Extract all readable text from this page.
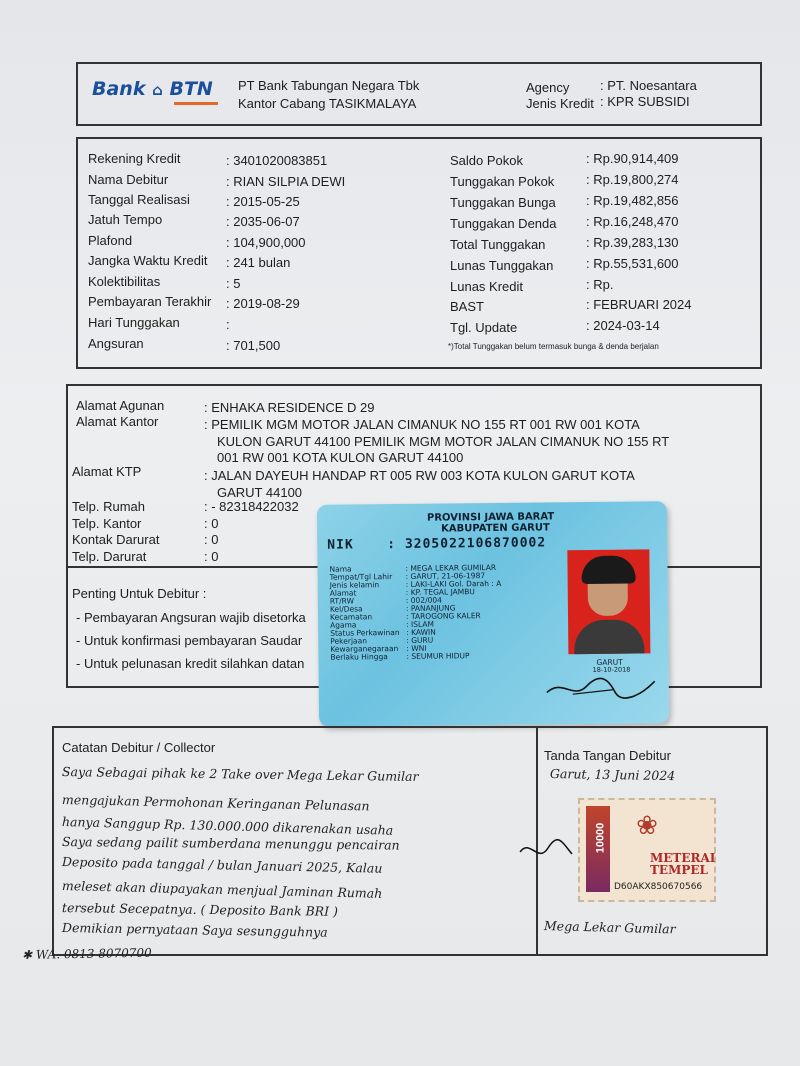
Bank ⌂ BTN PT Bank Tabungan Negara Tbk
Kantor Cabang TASIKMALAYA
Agency : PT. Noesantara
Jenis Kredit : KPR SUBSIDI
Rekening Kredit	: 3401020083851
Nama Debitur	: RIAN SILPIA DEWI
Tanggal Realisasi	: 2015-05-25
Jatuh Tempo	: 2035-06-07
Plafond	: 104,900,000
Jangka Waktu Kredit : 241 bulan
Kolektibilitas	: 5
Pembayaran Terakhir : 2019-08-29
Hari Tunggakan	:
Angsuran	: 701,500
Saldo Pokok	: Rp.90,914,409
Tunggakan Pokok : Rp.19,800,274
Tunggakan Bunga : Rp.19,482,856
Tunggakan Denda : Rp.16,248,470
Total Tunggakan	: Rp.39,283,130
Lunas Tunggakan	: Rp.55,531,600
Lunas Kredit	: Rp.
BAST	: FEBRUARI 2024
Tgl. Update	: 2024-03-14
*)Total Tunggakan belum termasuk bunga & denda berjalan
Alamat Agunan	: ENHAKA RESIDENCE D 29
Alamat Kantor	: PEMILIK MGM MOTOR JALAN CIMANUK NO 155 RT 001 RW 001 KOTA
KULON GARUT 44100 PEMILIK MGM MOTOR JALAN CIMANUK NO 155 RT
001 RW 001 KOTA KULON GARUT 44100
Alamat KTP	: JALAN DAYEUH HANDAP RT 005 RW 003 KOTA KULON GARUT KOTA
GARUT 44100
Telp. Rumah	: - 82318422032
Telp. Kantor	: 0
Kontak Darurat	: 0
Telp. Darurat	: 0
Penting Untuk Debitur :
- Pembayaran Angsuran wajib disetorka
- Untuk konfirmasi pembayaran Saudar
- Untuk pelunasan kredit silahkan datan
PROVINSI JAWA BARAT
KABUPATEN GARUT
NIK	: 3205022106870002
Nama	: MEGA LEKAR GUMILAR
Tempat/Tgl Lahir : GARUT, 21-06-1987
Jenis kelamin	: LAKI-LAKI Gol. Darah : A
Alamat	: KP. TEGAL JAMBU
RT/RW	: 002/004
Kel/Desa	: PANANJUNG
Kecamatan	: TAROGONG KALER
Agama	: ISLAM
Status Perkawinan : KAWIN
Pekerjaan	: GURU
Kewarganegaraan : WNI
Berlaku Hingga : SEUMUR HIDUP
GARUT
18-10-2018
Catatan Debitur / Collector
Saya Sebagai pihak ke 2 Take over Mega Lekar Gumilar
mengajukan Permohonan Keringanan Pelunasan
hanya Sanggup Rp. 130.000.000 dikarenakan usaha
Saya sedang pailit sumberdana menunggu pencairan
Deposito pada tanggal / bulan Januari 2025, Kalau
meleset akan diupayakan menjual Jaminan Rumah
tersebut Secepatnya. ( Deposito Bank BRI )
Demikian pernyataan Saya sesungguhnya
Tanda Tangan Debitur
Garut, 13 Juni 2024
Mega Lekar Gumilar
10000 ❀
METERAI
TEMPEL
D60AKX850670566
✱ WA. 0813 8070700
